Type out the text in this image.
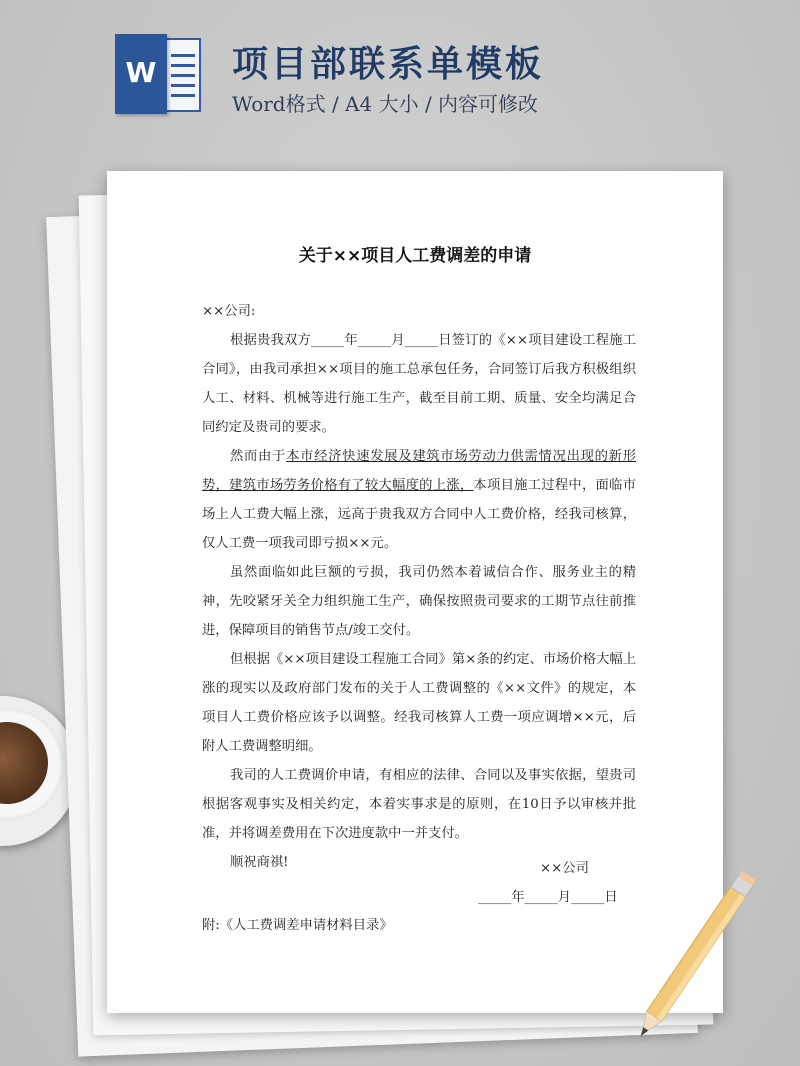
W 项目部联系单模板
Word格式 / A4 大小 / 内容可修改
关于××项目人工费调差的申请

××公司:

根据贵我双方_____年_____月_____日签订的《××项目建设工程施工合同》，由我司承担××项目的施工总承包任务，合同签订后我方积极组织人工、材料、机械等进行施工生产，截至目前工期、质量、安全均满足合同约定及贵司的要求。

然而由于本市经济快速发展及建筑市场劳动力供需情况出现的新形势，建筑市场劳务价格有了较大幅度的上涨，本项目施工过程中，面临市场上人工费大幅上涨，远高于贵我双方合同中人工费价格，经我司核算，仅人工费一项我司即亏损××元。

虽然面临如此巨额的亏损，我司仍然本着诚信合作、服务业主的精神，先咬紧牙关全力组织施工生产，确保按照贵司要求的工期节点往前推进，保障项目的销售节点/竣工交付。

但根据《××项目建设工程施工合同》第×条的约定、市场价格大幅上涨的现实以及政府部门发布的关于人工费调整的《××文件》的规定，本项目人工费价格应该予以调整。经我司核算人工费一项应调增××元，后附人工费调整明细。

我司的人工费调价申请，有相应的法律、合同以及事实依据，望贵司根据客观事实及相关约定，本着实事求是的原则，在10日予以审核并批准，并将调差费用在下次进度款中一并支付。

顺祝商祺!	××公司
_____年_____月_____日
附:《人工费调差申请材料目录》
